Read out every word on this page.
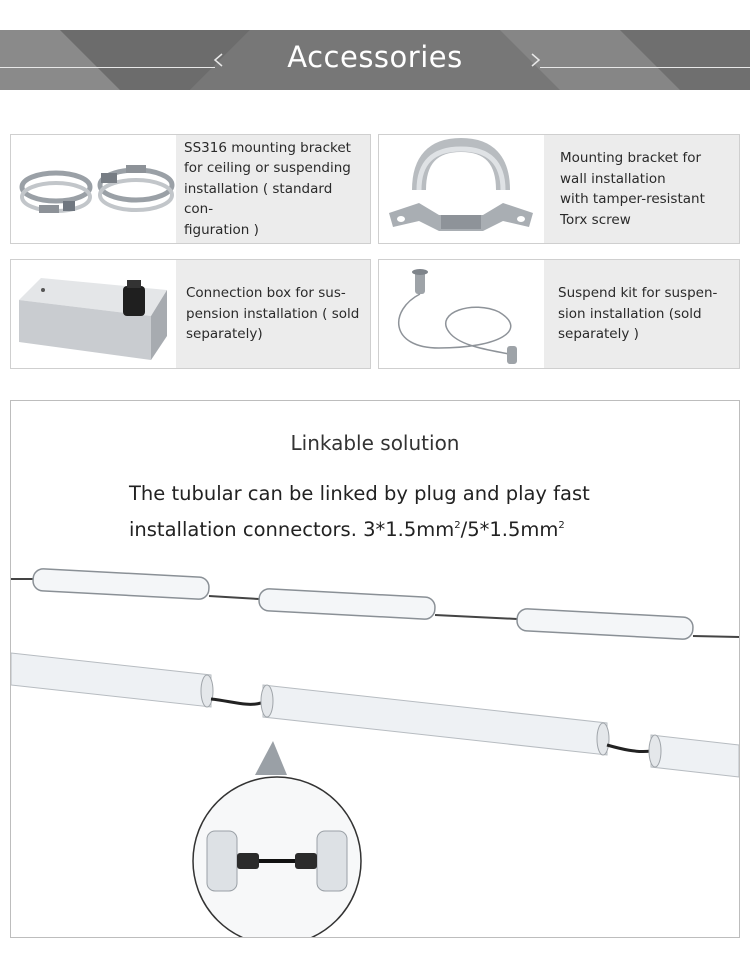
Accessories
SS316 mounting bracket
for ceiling or suspending
installation ( standard con-
figuration )
Mounting bracket for
wall installation
with tamper-resistant
Torx screw
Connection box for sus-
pension installation ( sold
separately)
Suspend kit for suspen-
sion installation (sold
separately )
Linkable solution
The tubular can be linked by plug and play fast
installation connectors. $3*1.5mm^2/5*1.5mm^2$
